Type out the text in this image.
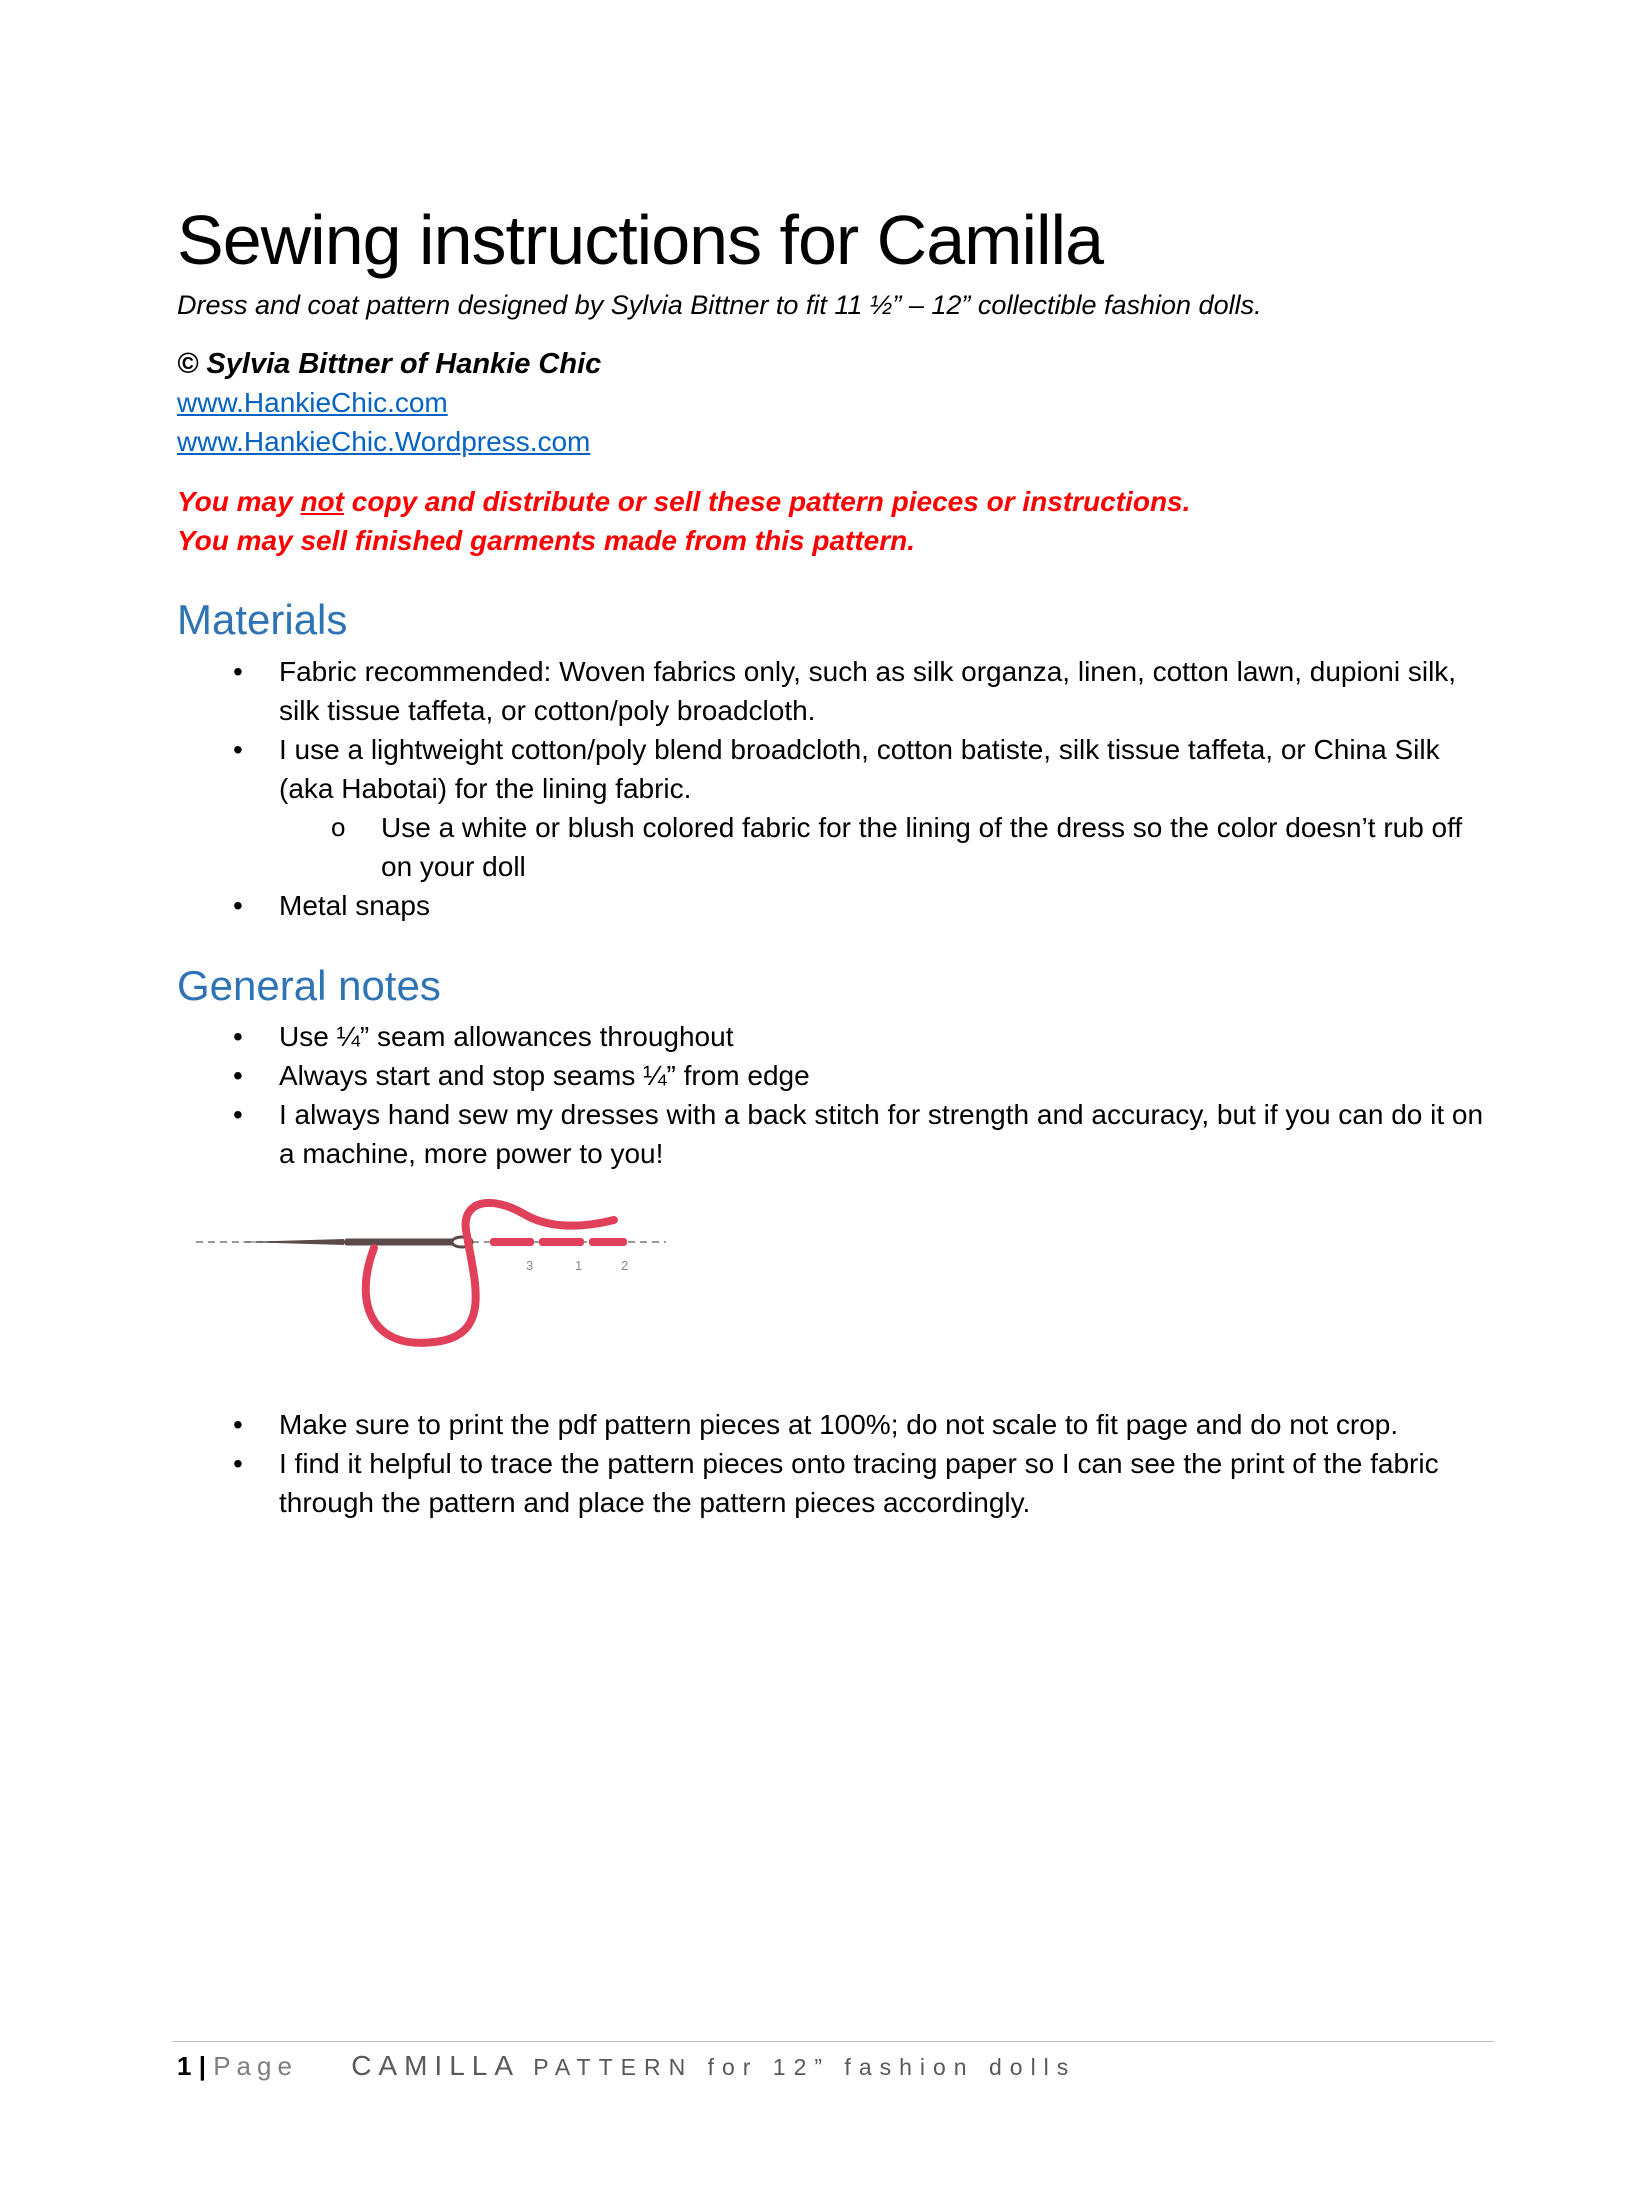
Sewing instructions for Camilla

Dress and coat pattern designed by Sylvia Bittner to fit 11 ½” – 12” collectible fashion dolls.

© Sylvia Bittner of Hankie Chic

www.HankieChic.com
www.HankieChic.Wordpress.com

You may not copy and distribute or sell these pattern pieces or instructions.

You may sell finished garments made from this pattern.

Materials
• Fabric recommended: Woven fabrics only, such as silk organza, linen, cotton lawn, dupioni silk, silk tissue taffeta, or cotton/poly broadcloth.
• I use a lightweight cotton/poly blend broadcloth, cotton batiste, silk tissue taffeta, or China Silk (aka Habotai) for the lining fabric.
o Use a white or blush colored fabric for the lining of the dress so the color doesn’t rub off on your doll
• Metal snaps
General notes
• Use ¼” seam allowances throughout
• Always start and stop seams ¼” from edge
• I always hand sew my dresses with a back stitch for strength and accuracy, but if you can do it on a machine, more power to you!
• Make sure to print the pdf pattern pieces at 100%; do not scale to fit page and do not crop.
• I find it helpful to trace the pattern pieces onto tracing paper so I can see the print of the fabric through the pattern and place the pattern pieces accordingly.
3	1	2
1 | Page CAMILLA PATTERN for 12” fashion dolls
